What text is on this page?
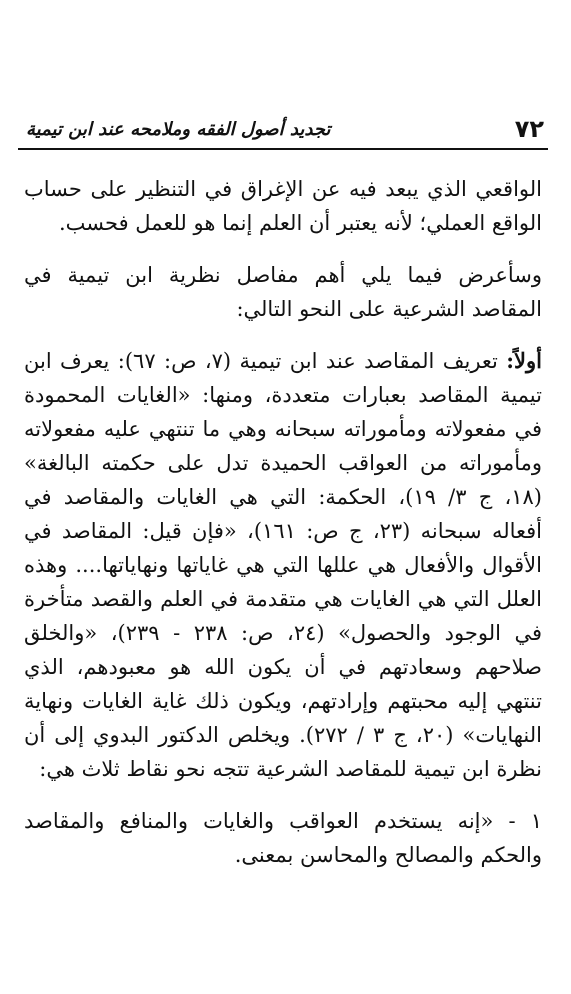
٧٢
تجديد أصول الفقه وملامحه عند ابن تيمية

الواقعي الذي يبعد فيه عن الإغراق في التنظير على حساب الواقع العملي؛ لأنه يعتبر أن العلم إنما هو للعمل فحسب.

وسأعرض فيما يلي أهم مفاصل نظرية ابن تيمية في المقاصد الشرعية على النحو التالي:

أولاً: تعريف المقاصد عند ابن تيمية (٧، ص: ٦٧): يعرف ابن تيمية المقاصد بعبارات متعددة، ومنها: «الغايات المحمودة في مفعولاته ومأموراته سبحانه وهي ما تنتهي عليه مفعولاته ومأموراته من العواقب الحميدة تدل على حكمته البالغة» (١٨، ج ٣/ ١٩)، الحكمة: التي هي الغايات والمقاصد في أفعاله سبحانه (٢٣، ج ص: ١٦١)، «فإن قيل: المقاصد في الأقوال والأفعال هي عللها التي هي غاياتها ونهاياتها.... وهذه العلل التي هي الغايات هي متقدمة في العلم والقصد متأخرة في الوجود والحصول» (٢٤، ص: ٢٣٨ - ٢٣٩)، «والخلق صلاحهم وسعادتهم في أن يكون الله هو معبودهم، الذي تنتهي إليه محبتهم وإرادتهم، ويكون ذلك غاية الغايات ونهاية النهايات» (٢٠، ج ٣ / ٢٧٢). ويخلص الدكتور البدوي إلى أن نظرة ابن تيمية للمقاصد الشرعية تتجه نحو نقاط ثلاث هي:

١ - «إنه يستخدم العواقب والغايات والمنافع والمقاصد والحكم والمصالح والمحاسن بمعنى.
